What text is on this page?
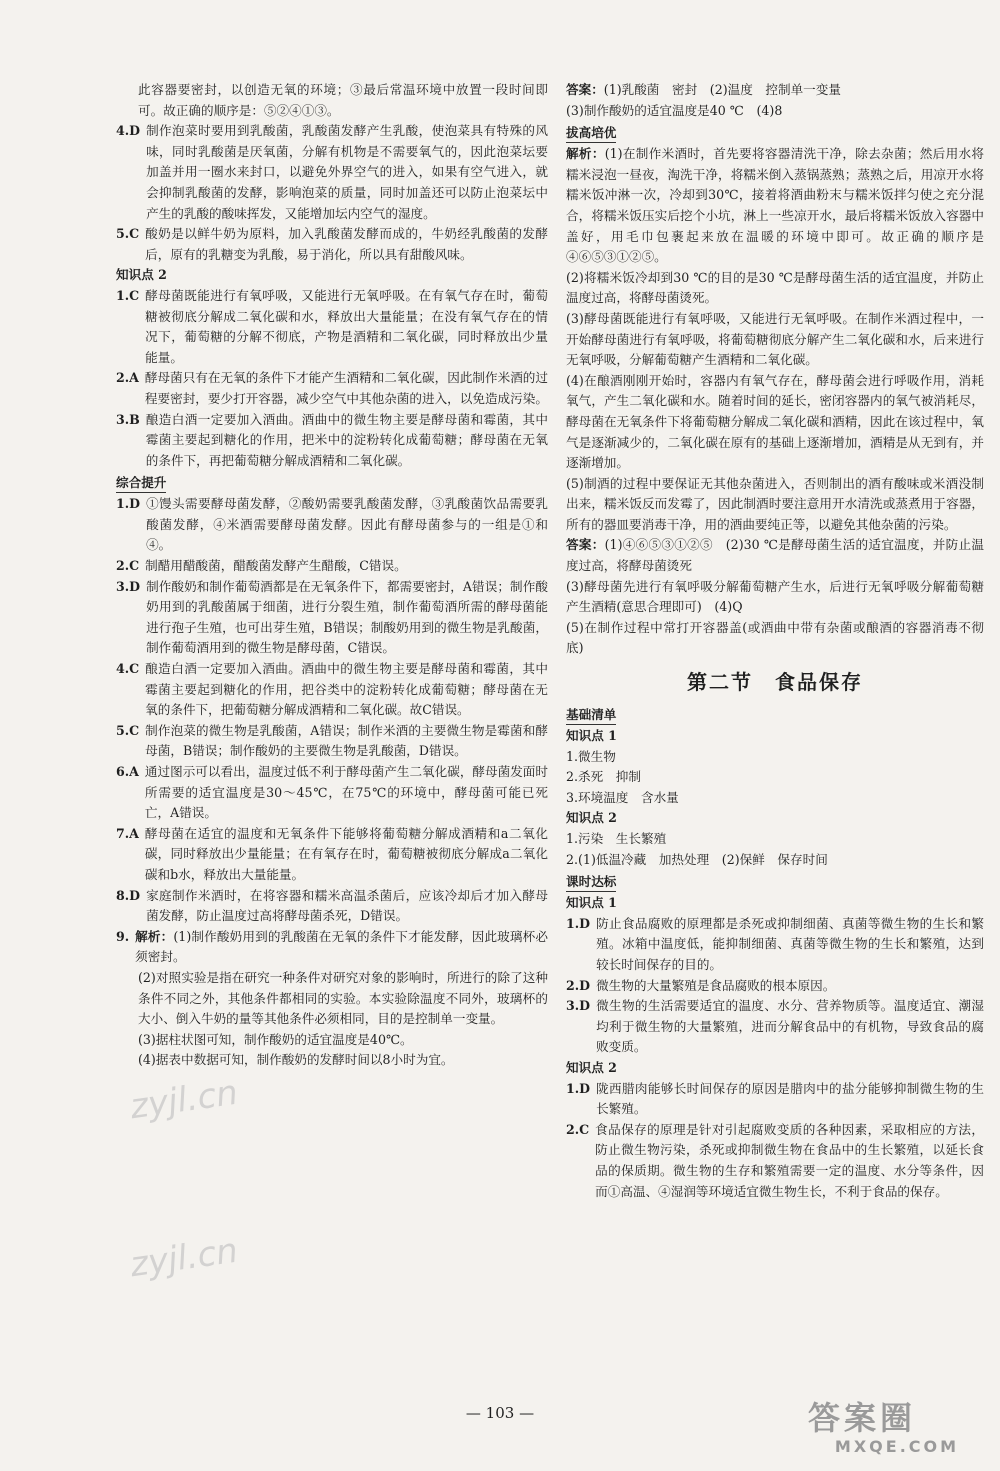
此容器要密封，以创造无氧的环境；③最后常温环境中放置一段时间即可。故正确的顺序是：⑤②④①③。
4.D 制作泡菜时要用到乳酸菌，乳酸菌发酵产生乳酸，使泡菜具有特殊的风味，同时乳酸菌是厌氧菌，分解有机物是不需要氧气的，因此泡菜坛要加盖并用一圈水来封口，以避免外界空气的进入，如果有空气进入，就会抑制乳酸菌的发酵，影响泡菜的质量，同时加盖还可以防止泡菜坛中产生的乳酸的酸味挥发，又能增加坛内空气的湿度。
5.C 酸奶是以鲜牛奶为原料，加入乳酸菌发酵而成的，牛奶经乳酸菌的发酵后，原有的乳糖变为乳酸，易于消化，所以具有甜酸风味。
知识点 2
1.C 酵母菌既能进行有氧呼吸，又能进行无氧呼吸。在有氧气存在时，葡萄糖被彻底分解成二氧化碳和水，释放出大量能量；在没有氧气存在的情况下，葡萄糖的分解不彻底，产物是酒精和二氧化碳，同时释放出少量能量。
2.A 酵母菌只有在无氧的条件下才能产生酒精和二氧化碳，因此制作米酒的过程要密封，要少打开容器，减少空气中其他杂菌的进入，以免造成污染。
3.B 酿造白酒一定要加入酒曲。酒曲中的微生物主要是酵母菌和霉菌，其中霉菌主要起到糖化的作用，把米中的淀粉转化成葡萄糖；酵母菌在无氧的条件下，再把葡萄糖分解成酒精和二氧化碳。
综合提升
1.D ①馒头需要酵母菌发酵，②酸奶需要乳酸菌发酵，③乳酸菌饮品需要乳酸菌发酵，④米酒需要酵母菌发酵。因此有酵母菌参与的一组是①和④。
2.C 制醋用醋酸菌，醋酸菌发酵产生醋酸，C错误。
3.D 制作酸奶和制作葡萄酒都是在无氧条件下，都需要密封，A错误；制作酸奶用到的乳酸菌属于细菌，进行分裂生殖，制作葡萄酒所需的酵母菌能进行孢子生殖，也可出芽生殖，B错误；制酸奶用到的微生物是乳酸菌，制作葡萄酒用到的微生物是酵母菌，C错误。
4.C 酿造白酒一定要加入酒曲。酒曲中的微生物主要是酵母菌和霉菌，其中霉菌主要起到糖化的作用，把谷类中的淀粉转化成葡萄糖；酵母菌在无氧的条件下，把葡萄糖分解成酒精和二氧化碳。故C错误。
5.C 制作泡菜的微生物是乳酸菌，A错误；制作米酒的主要微生物是霉菌和酵母菌，B错误；制作酸奶的主要微生物是乳酸菌，D错误。
6.A 通过图示可以看出，温度过低不利于酵母菌产生二氧化碳，酵母菌发面时所需要的适宜温度是30～45℃，在75℃的环境中，酵母菌可能已死亡，A错误。
7.A 酵母菌在适宜的温度和无氧条件下能够将葡萄糖分解成酒精和a二氧化碳，同时释放出少量能量；在有氧存在时，葡萄糖被彻底分解成a二氧化碳和b水，释放出大量能量。
8.D 家庭制作米酒时，在将容器和糯米高温杀菌后，应该冷却后才加入酵母菌发酵，防止温度过高将酵母菌杀死，D错误。
9. 解析：(1)制作酸奶用到的乳酸菌在无氧的条件下才能发酵，因此玻璃杯必须密封。
(2)对照实验是指在研究一种条件对研究对象的影响时，所进行的除了这种条件不同之外，其他条件都相同的实验。本实验除温度不同外，玻璃杯的大小、倒入牛奶的量等其他条件必须相同，目的是控制单一变量。
(3)据柱状图可知，制作酸奶的适宜温度是40℃。
(4)据表中数据可知，制作酸奶的发酵时间以8小时为宜。
答案：(1)乳酸菌　密封　(2)温度　控制单一变量
(3)制作酸奶的适宜温度是40 ℃　(4)8
拔高培优
解析：(1)在制作米酒时，首先要将容器清洗干净，除去杂菌；然后用水将糯米浸泡一昼夜，淘洗干净，将糯米倒入蒸锅蒸熟；蒸熟之后，用凉开水将糯米饭冲淋一次，冷却到30℃，接着将酒曲粉末与糯米饭拌匀使之充分混合，将糯米饭压实后挖个小坑，淋上一些凉开水，最后将糯米饭放入容器中盖好，用毛巾包裹起来放在温暖的环境中即可。故正确的顺序是④⑥⑤③①②⑤。
(2)将糯米饭冷却到30 ℃的目的是30 ℃是酵母菌生活的适宜温度，并防止温度过高，将酵母菌烫死。
(3)酵母菌既能进行有氧呼吸，又能进行无氧呼吸。在制作米酒过程中，一开始酵母菌进行有氧呼吸，将葡萄糖彻底分解产生二氧化碳和水，后来进行无氧呼吸，分解葡萄糖产生酒精和二氧化碳。
(4)在酿酒刚刚开始时，容器内有氧气存在，酵母菌会进行呼吸作用，消耗氧气，产生二氧化碳和水。随着时间的延长，密闭容器内的氧气被消耗尽，酵母菌在无氧条件下将葡萄糖分解成二氧化碳和酒精，因此在该过程中，氧气是逐渐减少的，二氧化碳在原有的基础上逐渐增加，酒精是从无到有，并逐渐增加。
(5)制酒的过程中要保证无其他杂菌进入，否则制出的酒有酸味或米酒没制出来，糯米饭反而发霉了，因此制酒时要注意用开水清洗或蒸煮用于容器，所有的器皿要消毒干净，用的酒曲要纯正等，以避免其他杂菌的污染。
答案：(1)④⑥⑤③①②⑤　(2)30 ℃是酵母菌生活的适宜温度，并防止温度过高，将酵母菌烫死
(3)酵母菌先进行有氧呼吸分解葡萄糖产生水，后进行无氧呼吸分解葡萄糖产生酒精(意思合理即可)　(4)Q
(5)在制作过程中常打开容器盖(或酒曲中带有杂菌或酿酒的容器消毒不彻底)
第二节　食品保存
基础清单
知识点 1
1.微生物
2.杀死　抑制
3.环境温度　含水量
知识点 2
1.污染　生长繁殖
2.(1)低温冷藏　加热处理　(2)保鲜　保存时间
课时达标
知识点 1
1.D 防止食品腐败的原理都是杀死或抑制细菌、真菌等微生物的生长和繁殖。冰箱中温度低，能抑制细菌、真菌等微生物的生长和繁殖，达到较长时间保存的目的。
2.D 微生物的大量繁殖是食品腐败的根本原因。
3.D 微生物的生活需要适宜的温度、水分、营养物质等。温度适宜、潮湿均利于微生物的大量繁殖，进而分解食品中的有机物，导致食品的腐败变质。
知识点 2
1.D 陇西腊肉能够长时间保存的原因是腊肉中的盐分能够抑制微生物的生长繁殖。
2.C 食品保存的原理是针对引起腐败变质的各种因素，采取相应的方法，防止微生物污染，杀死或抑制微生物在食品中的生长繁殖，以延长食品的保质期。微生物的生存和繁殖需要一定的温度、水分等条件，因而①高温、④湿润等环境适宜微生物生长，不利于食品的保存。
zyjl.cn
zyjl.cn
— 103 —	答案圈
MXQE.COM
